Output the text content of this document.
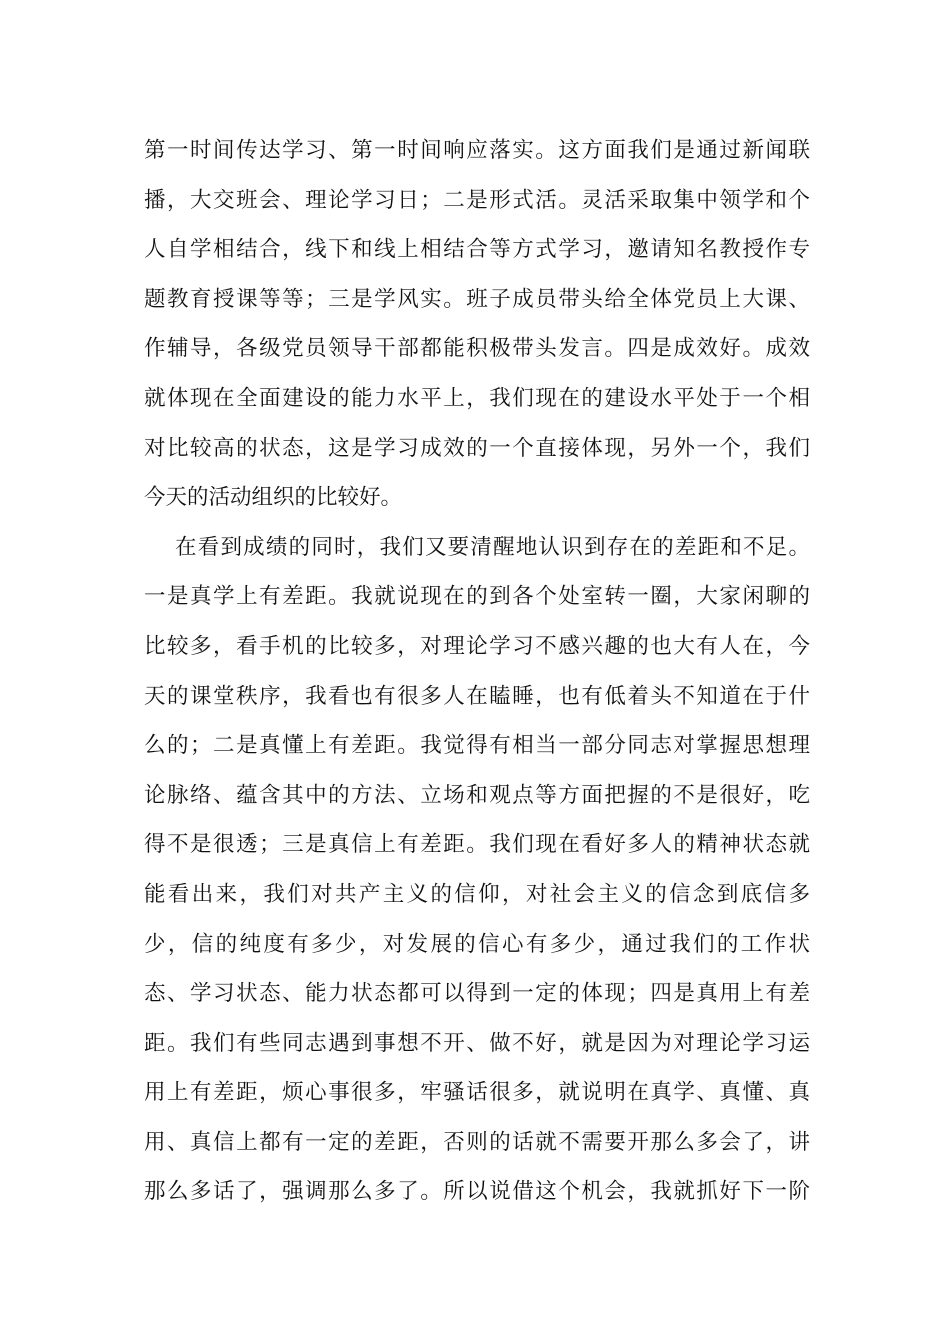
第一时间传达学习、第一时间响应落实。这方面我们是通过新闻联
播，大交班会、理论学习日；二是形式活。灵活采取集中领学和个
人自学相结合，线下和线上相结合等方式学习，邀请知名教授作专
题教育授课等等；三是学风实。班子成员带头给全体党员上大课、
作辅导，各级党员领导干部都能积极带头发言。四是成效好。成效
就体现在全面建设的能力水平上，我们现在的建设水平处于一个相
对比较高的状态，这是学习成效的一个直接体现，另外一个，我们
今天的活动组织的比较好。
在看到成绩的同时，我们又要清醒地认识到存在的差距和不足。
一是真学上有差距。我就说现在的到各个处室转一圈，大家闲聊的
比较多，看手机的比较多，对理论学习不感兴趣的也大有人在，今
天的课堂秩序，我看也有很多人在瞌睡，也有低着头不知道在于什
么的；二是真懂上有差距。我觉得有相当一部分同志对掌握思想理
论脉络、蕴含其中的方法、立场和观点等方面把握的不是很好，吃
得不是很透；三是真信上有差距。我们现在看好多人的精神状态就
能看出来，我们对共产主义的信仰，对社会主义的信念到底信多
少，信的纯度有多少，对发展的信心有多少，通过我们的工作状
态、学习状态、能力状态都可以得到一定的体现；四是真用上有差
距。我们有些同志遇到事想不开、做不好，就是因为对理论学习运
用上有差距，烦心事很多，牢骚话很多，就说明在真学、真懂、真
用、真信上都有一定的差距，否则的话就不需要开那么多会了，讲
那么多话了，强调那么多了。所以说借这个机会，我就抓好下一阶
